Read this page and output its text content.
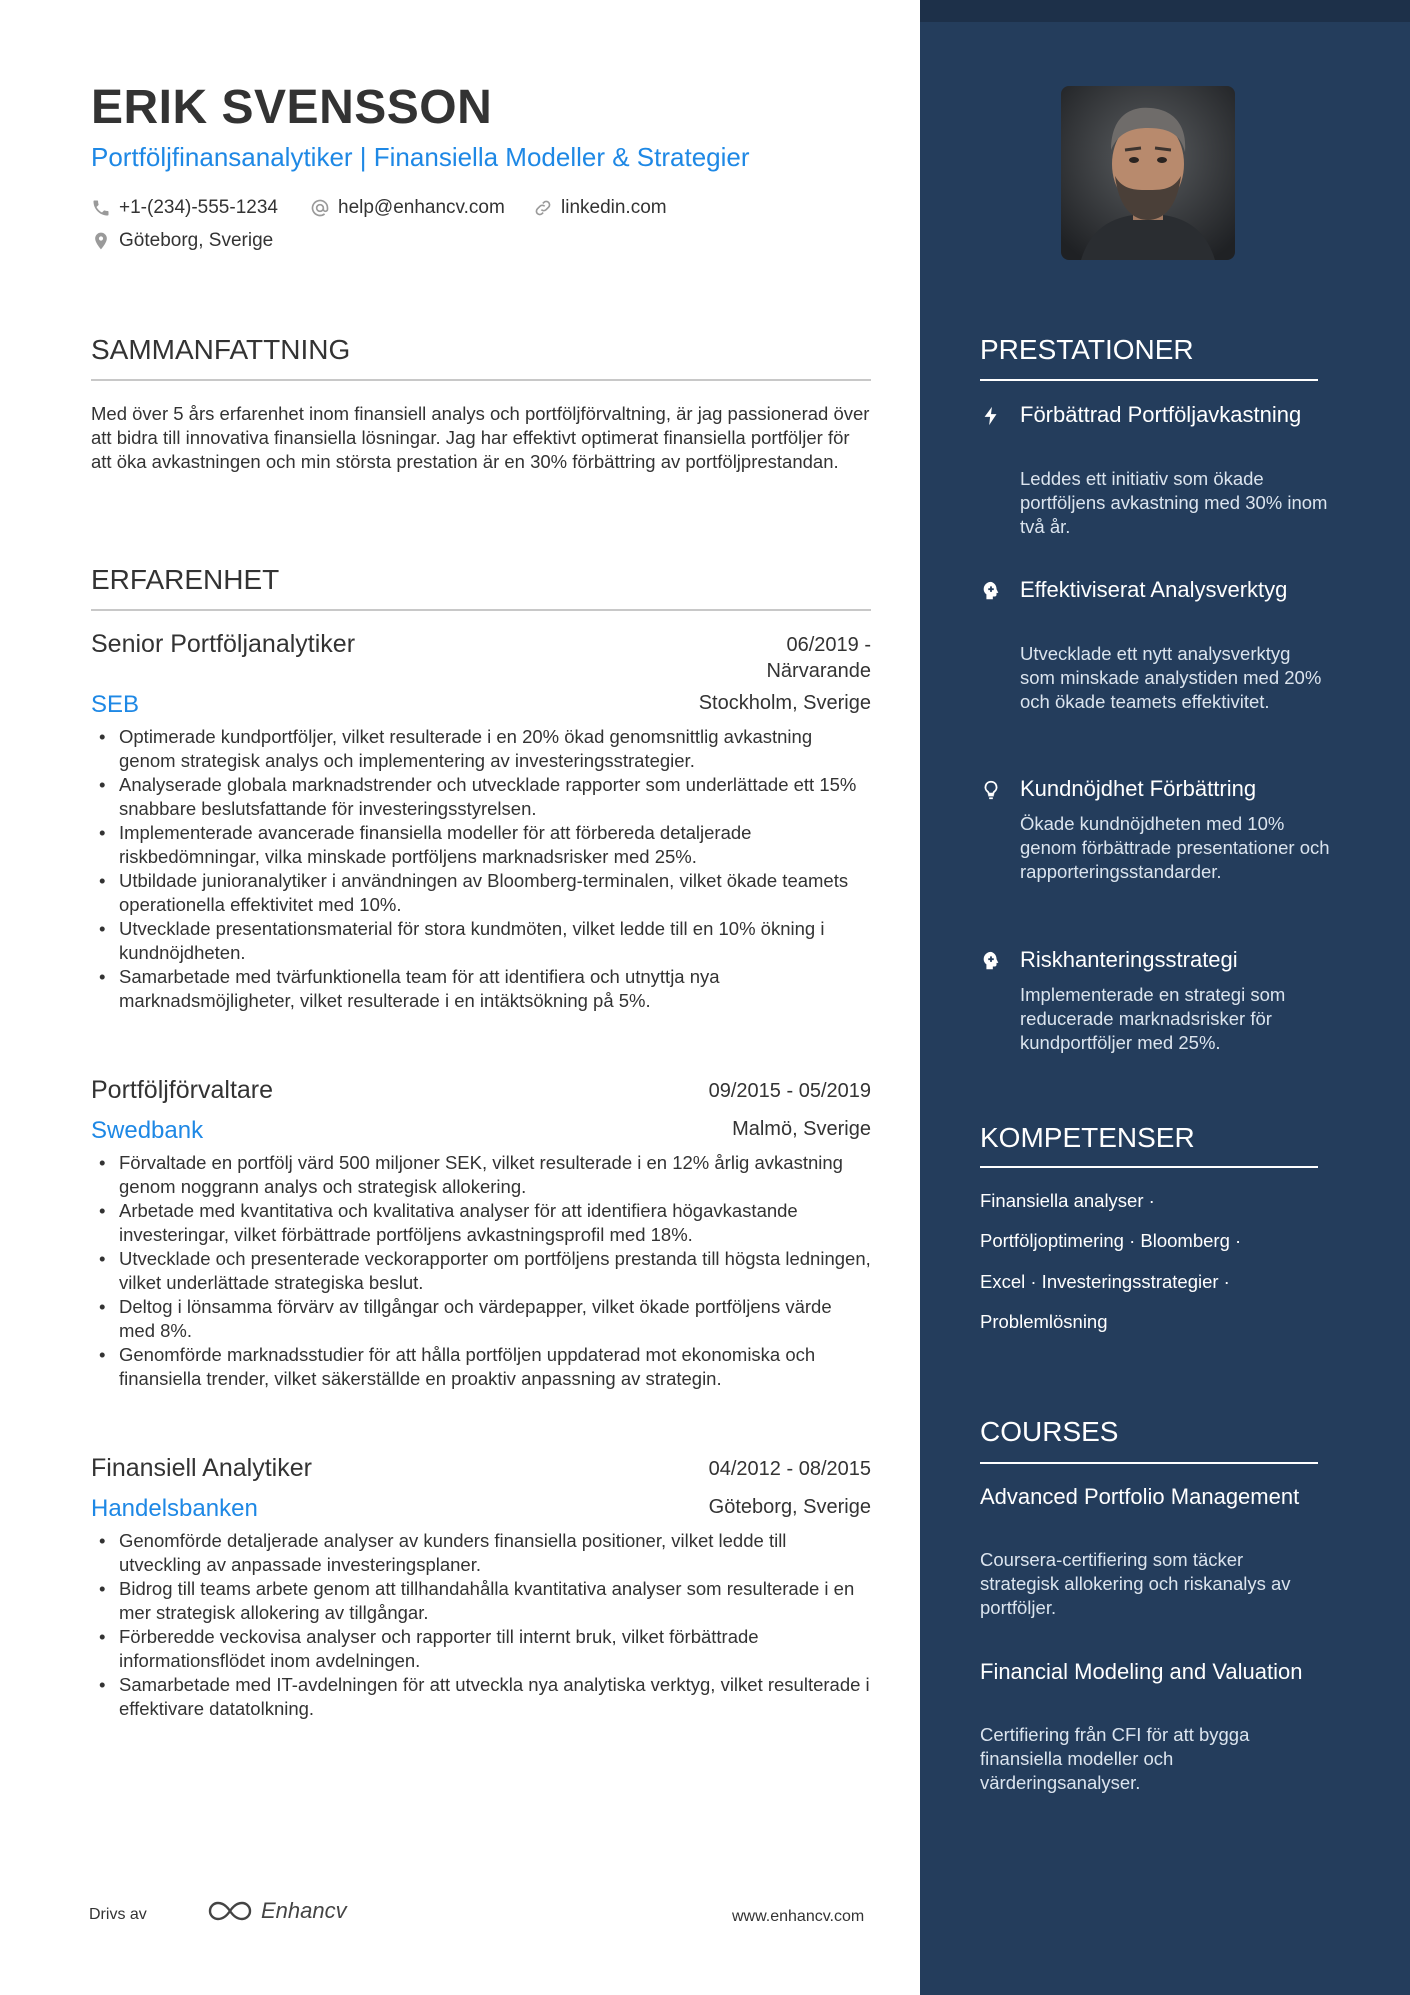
ERIK SVENSSON
Portföljfinansanalytiker | Finansiella Modeller & Strategier
+1-(234)-555-1234	help@enhancv.com	linkedin.com
Göteborg, Sverige
SAMMANFATTNING
Med över 5 års erfarenhet inom finansiell analys och portföljförvaltning, är jag passionerad över att bidra till innovativa finansiella lösningar. Jag har effektivt optimerat finansiella portföljer för att öka avkastningen och min största prestation är en 30% förbättring av portföljprestandan.
ERFARENHET
Senior Portföljanalytiker	06/2019 -
Närvarande
SEB	Stockholm, Sverige
• Optimerade kundportföljer, vilket resulterade i en 20% ökad genomsnittlig avkastning genom strategisk analys och implementering av investeringsstrategier.
• Analyserade globala marknadstrender och utvecklade rapporter som underlättade ett 15% snabbare beslutsfattande för investeringsstyrelsen.
• Implementerade avancerade finansiella modeller för att förbereda detaljerade riskbedömningar, vilka minskade portföljens marknadsrisker med 25%.
• Utbildade junioranalytiker i användningen av Bloomberg-terminalen, vilket ökade teamets operationella effektivitet med 10%.
• Utvecklade presentationsmaterial för stora kundmöten, vilket ledde till en 10% ökning i kundnöjdheten.
• Samarbetade med tvärfunktionella team för att identifiera och utnyttja nya marknadsmöjligheter, vilket resulterade i en intäktsökning på 5%.
Portföljförvaltare	09/2015 - 05/2019
Swedbank	Malmö, Sverige
• Förvaltade en portfölj värd 500 miljoner SEK, vilket resulterade i en 12% årlig avkastning genom noggrann analys och strategisk allokering.
• Arbetade med kvantitativa och kvalitativa analyser för att identifiera högavkastande investeringar, vilket förbättrade portföljens avkastningsprofil med 18%.
• Utvecklade och presenterade veckorapporter om portföljens prestanda till högsta ledningen, vilket underlättade strategiska beslut.
• Deltog i lönsamma förvärv av tillgångar och värdepapper, vilket ökade portföljens värde med 8%.
• Genomförde marknadsstudier för att hålla portföljen uppdaterad mot ekonomiska och finansiella trender, vilket säkerställde en proaktiv anpassning av strategin.
Finansiell Analytiker	04/2012 - 08/2015
Handelsbanken	Göteborg, Sverige
• Genomförde detaljerade analyser av kunders finansiella positioner, vilket ledde till utveckling av anpassade investeringsplaner.
• Bidrog till teams arbete genom att tillhandahålla kvantitativa analyser som resulterade i en mer strategisk allokering av tillgångar.
• Förberedde veckovisa analyser och rapporter till internt bruk, vilket förbättrade informationsflödet inom avdelningen.
• Samarbetade med IT-avdelningen för att utveckla nya analytiska verktyg, vilket resulterade i effektivare datatolkning.
Drivs av	Enhancv	www.enhancv.com
PRESTATIONER
Förbättrad Portföljavkastning
Leddes ett initiativ som ökade portföljens avkastning med 30% inom två år.
Effektiviserat Analysverktyg
Utvecklade ett nytt analysverktyg som minskade analystiden med 20% och ökade teamets effektivitet.
Kundnöjdhet Förbättring
Ökade kundnöjdheten med 10% genom förbättrade presentationer och rapporteringsstandarder.
Riskhanteringsstrategi
Implementerade en strategi som reducerade marknadsrisker för kundportföljer med 25%.
KOMPETENSER
Finansiella analyser ·
Portföljoptimering · Bloomberg ·
Excel · Investeringsstrategier ·
Problemlösning
COURSES
Advanced Portfolio Management
Coursera-certifiering som täcker strategisk allokering och riskanalys av portföljer.
Financial Modeling and Valuation
Certifiering från CFI för att bygga finansiella modeller och värderingsanalyser.
